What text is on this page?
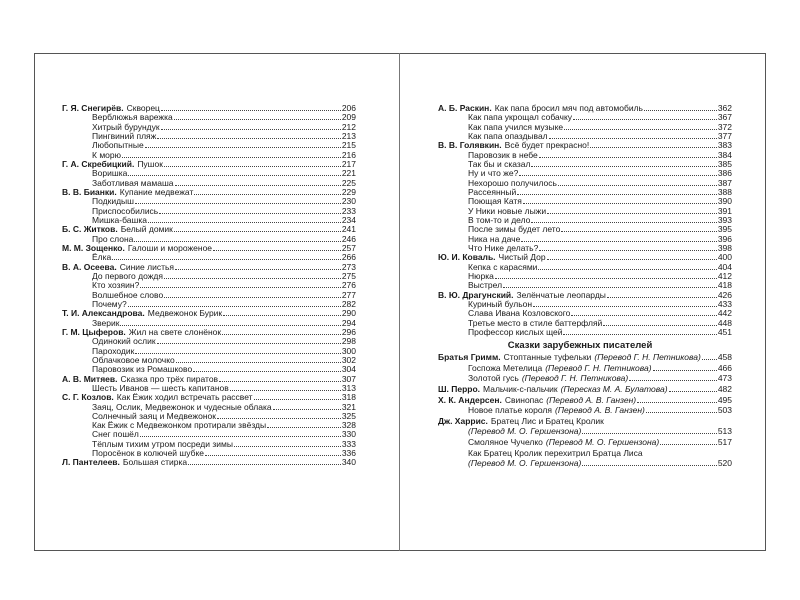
Г. Я. Снегирёв. Скворец	206
Верблюжья варежка	209
Хитрый бурундук	212
Пингвиний пляж	213
Любопытные	215
К морю	216
Г. А. Скребицкий. Пушок	217
Воришка	221
Заботливая мамаша	225
В. В. Бианки. Купание медвежат	229
Подкидыш	230
Приспособились	233
Мишка-башка	234
Б. С. Житков. Белый домик	241
Про слона	246
М. М. Зощенко. Галоши и мороженое	257
Ёлка	266
В. А. Осеева. Синие листья	273
До первого дождя	275
Кто хозяин?	276
Волшебное слово	277
Почему?	282
Т. И. Александрова. Медвежонок Бурик	290
Зверик	294
Г. М. Цыферов. Жил на свете слонёнок	296
Одинокий ослик	298
Пароходик	300
Облачковое молочко	302
Паровозик из Ромашково	304
А. В. Митяев. Сказка про трёх пиратов	307
Шесть Иванов — шесть капитанов	313
С. Г. Козлов. Как Ёжик ходил встречать рассвет	318
Заяц, Ослик, Медвежонок и чудесные облака	321
Солнечный заяц и Медвежонок	325
Как Ёжик с Медвежонком протирали звёзды	328
Снег пошёл	330
Тёплым тихим утром посреди зимы	333
Поросёнок в колючей шубке	336
Л. Пантелеев. Большая стирка	340
А. Б. Раскин. Как папа бросил мяч под автомобиль	362
Как папа укрощал собачку	367
Как папа учился музыке	372
Как папа опаздывал	377
В. В. Голявкин. Всё будет прекрасно!	383
Паровозик в небе	384
Так бы и сказал	385
Ну и что же?	386
Нехорошо получилось	387
Рассеянный	388
Поющая Катя	390
У Ники новые лыжи	391
В том-то и дело	393
После зимы будет лето	395
Ника на даче	396
Что Нике делать?	398
Ю. И. Коваль. Чистый Дор	400
Кепка с карасями	404
Нюрка	412
Выстрел	418
В. Ю. Драгунский. Зелёнчатые леопарды	426
Куриный бульон	433
Слава Ивана Козловского	442
Третье место в стиле баттерфляй	448
Профессор кислых щей	451
Сказки зарубежных писателей
Братья Гримм. Стоптанные туфельки (Перевод Г. Н. Петникова) 458
Госпожа Метелица (Перевод Г. Н. Петникова)	466
Золотой гусь (Перевод Г. Н. Петникова)	473
Ш. Перро. Мальчик-с-пальчик (Пересказ М. А. Булатова)	482
Х. К. Андерсен. Свинопас (Перевод А. В. Ганзен)	495
Новое платье короля (Перевод А. В. Ганзен)	503
Дж. Харрис. Братец Лис и Братец Кролик
(Перевод М. О. Гершензона)	513
Смоляное Чучелко (Перевод М. О. Гершензона)	517
Как Братец Кролик перехитрил Братца Лиса
(Перевод М. О. Гершензона)	520
